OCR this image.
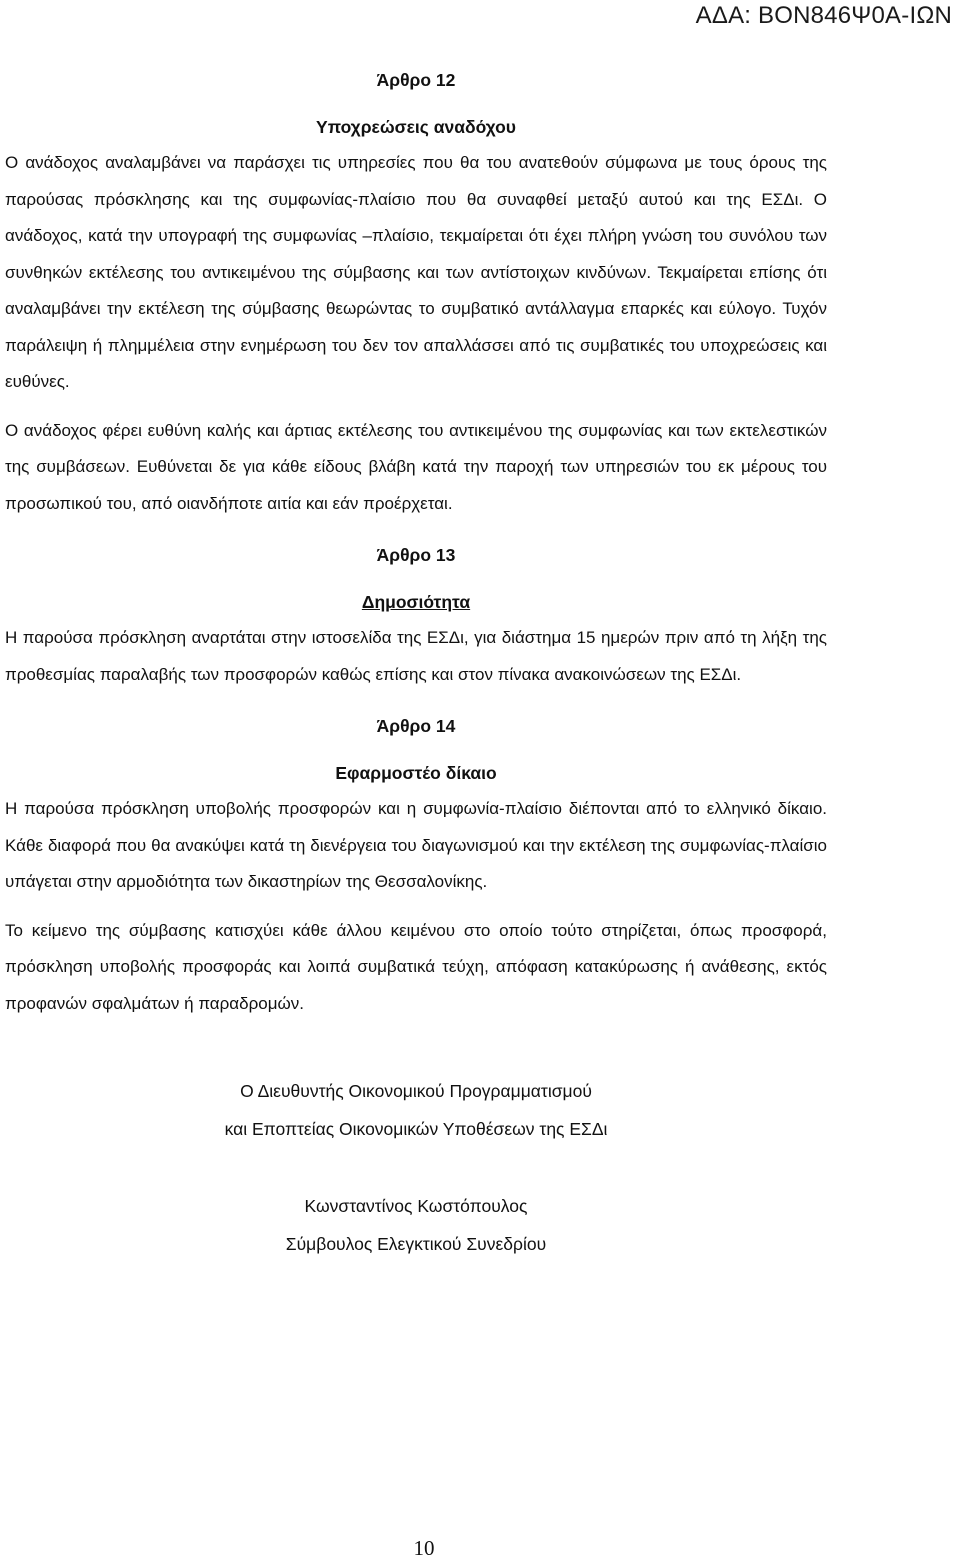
ΑΔΑ: ΒΟΝ846Ψ0Α-ΙΩΝ

Άρθρο 12

Υποχρεώσεις αναδόχου

Ο ανάδοχος αναλαμβάνει να παράσχει τις υπηρεσίες που θα του ανατεθούν σύμφωνα με τους όρους της παρούσας πρόσκλησης και της συμφωνίας-πλαίσιο που θα συναφθεί μεταξύ αυτού και της ΕΣΔι. Ο ανάδοχος, κατά την υπογραφή της συμφωνίας –πλαίσιο, τεκμαίρεται ότι έχει πλήρη γνώση του συνόλου των συνθηκών εκτέλεσης του αντικειμένου της σύμβασης και των αντίστοιχων κινδύνων. Τεκμαίρεται επίσης ότι αναλαμβάνει την εκτέλεση της σύμβασης θεωρώντας το συμβατικό αντάλλαγμα επαρκές και εύλογο. Τυχόν παράλειψη ή πλημμέλεια στην ενημέρωση του δεν τον απαλλάσσει από τις συμβατικές του υποχρεώσεις και ευθύνες.

Ο ανάδοχος φέρει ευθύνη καλής και άρτιας εκτέλεσης του αντικειμένου της συμφωνίας και των εκτελεστικών της συμβάσεων. Ευθύνεται δε για κάθε είδους βλάβη κατά την παροχή των υπηρεσιών του εκ μέρους του προσωπικού του, από οιανδήποτε αιτία και εάν προέρχεται.

Άρθρο 13

Δημοσιότητα

Η παρούσα πρόσκληση αναρτάται στην ιστοσελίδα της ΕΣΔι, για διάστημα 15 ημερών πριν από τη λήξη της προθεσμίας παραλαβής των προσφορών καθώς επίσης και στον πίνακα ανακοινώσεων της ΕΣΔι.

Άρθρο 14

Εφαρμοστέο δίκαιο

Η παρούσα πρόσκληση υποβολής προσφορών και η συμφωνία-πλαίσιο διέπονται από το ελληνικό δίκαιο. Κάθε διαφορά που θα ανακύψει κατά τη διενέργεια του διαγωνισμού και την εκτέλεση της συμφωνίας-πλαίσιο υπάγεται στην αρμοδιότητα των δικαστηρίων της Θεσσαλονίκης.

Το κείμενο της σύμβασης κατισχύει κάθε άλλου κειμένου στο οποίο τούτο στηρίζεται, όπως προσφορά, πρόσκληση υποβολής προσφοράς και λοιπά συμβατικά τεύχη, απόφαση κατακύρωσης ή ανάθεσης, εκτός προφανών σφαλμάτων ή παραδρομών.

Ο Διευθυντής Οικονομικού Προγραμματισμού

και Εποπτείας Οικονομικών Υποθέσεων της ΕΣΔι

Κωνσταντίνος Κωστόπουλος

Σύμβουλος Ελεγκτικού Συνεδρίου

10
